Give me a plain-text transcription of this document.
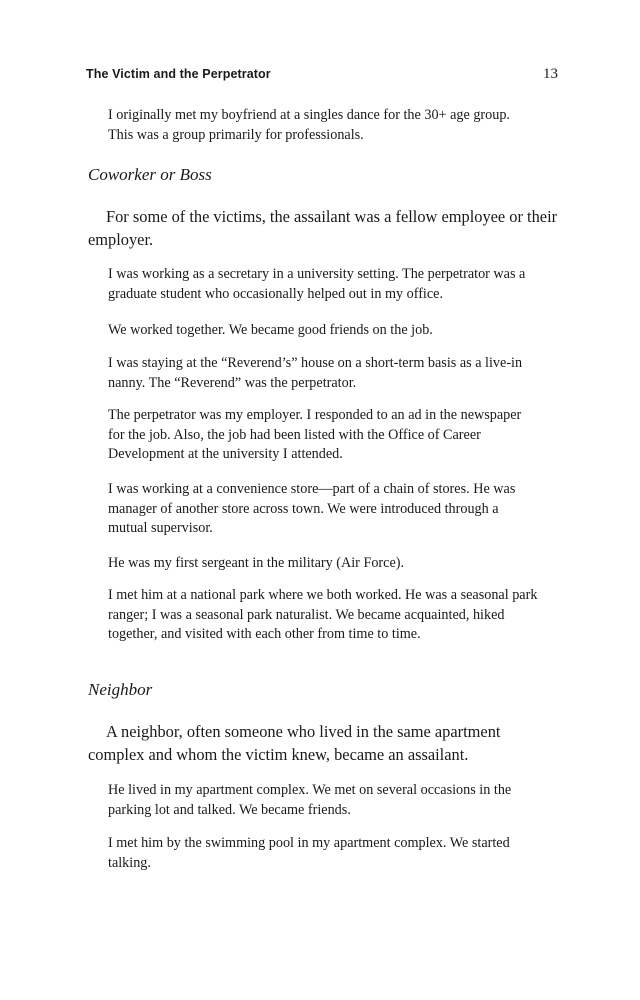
The Victim and the Perpetrator	13

I originally met my boyfriend at a singles dance for the 30+ age group. This was a group primarily for professionals.

Coworker or Boss

For some of the victims, the assailant was a fellow employee or their employer.

I was working as a secretary in a university setting. The perpetrator was a graduate student who occasionally helped out in my office.

We worked together. We became good friends on the job.

I was staying at the “Reverend’s” house on a short-term basis as a live-in nanny. The “Reverend” was the perpetrator.

The perpetrator was my employer. I responded to an ad in the newspaper for the job. Also, the job had been listed with the Office of Career Development at the university I attended.

I was working at a convenience store—part of a chain of stores. He was manager of another store across town. We were introduced through a mutual supervisor.

He was my first sergeant in the military (Air Force).

I met him at a national park where we both worked. He was a seasonal park ranger; I was a seasonal park naturalist. We became acquainted, hiked together, and visited with each other from time to time.

Neighbor

A neighbor, often someone who lived in the same apartment complex and whom the victim knew, became an assailant.

He lived in my apartment complex. We met on several occasions in the parking lot and talked. We became friends.

I met him by the swimming pool in my apartment complex. We started talking.
